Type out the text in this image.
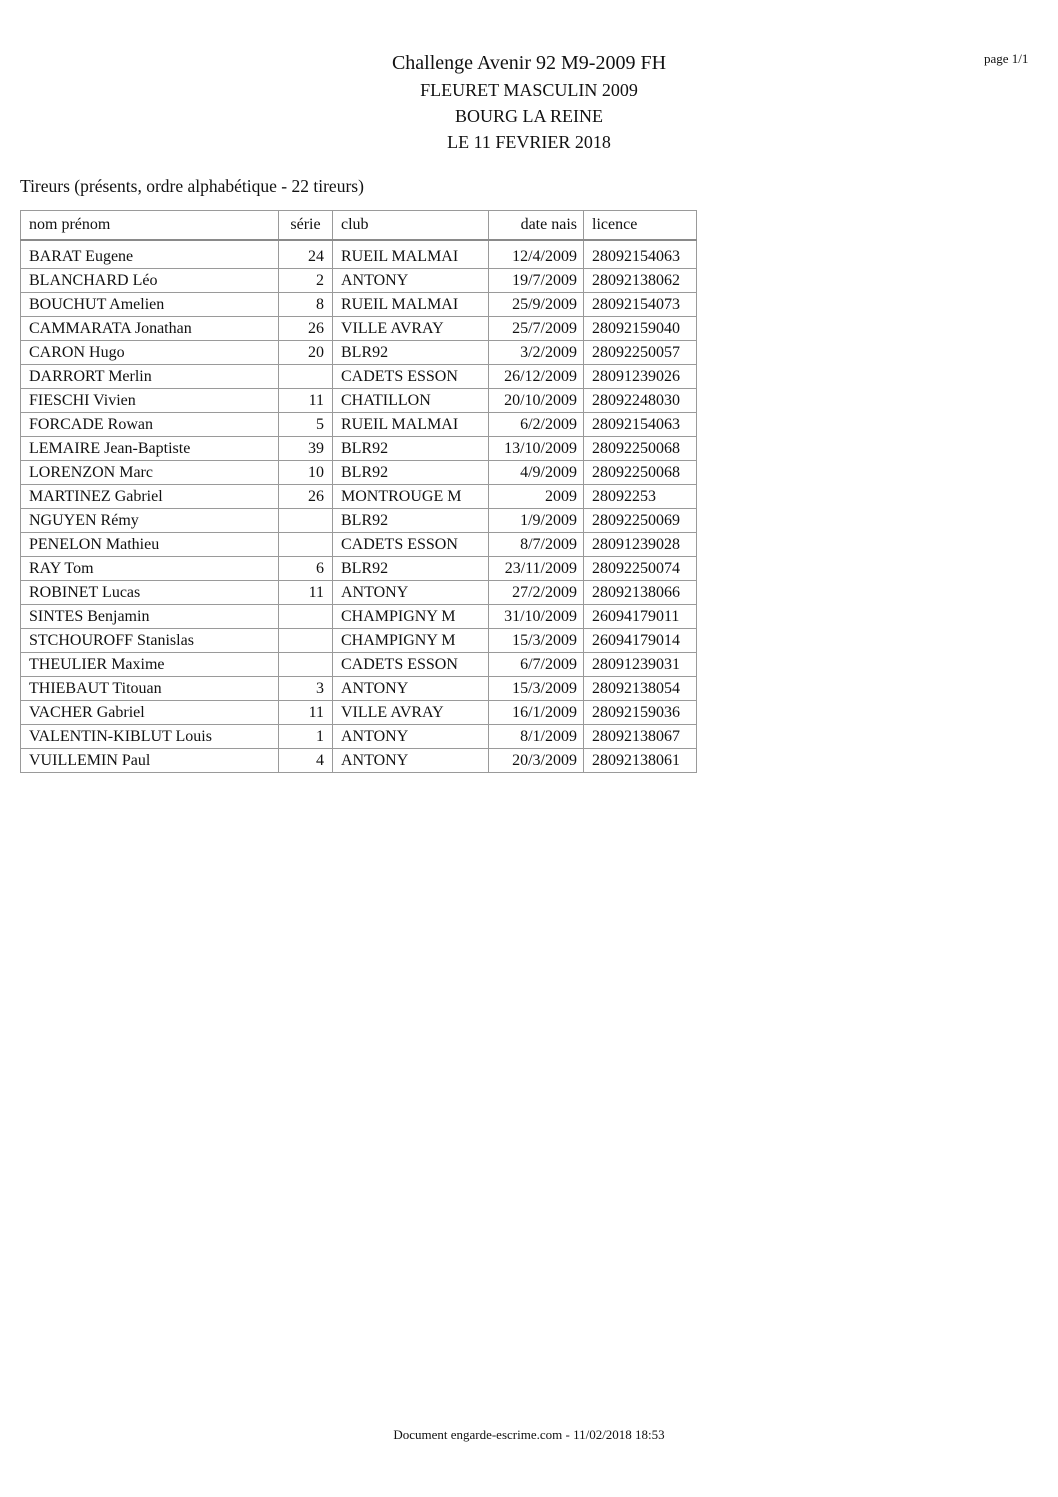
page 1/1
Challenge Avenir 92 M9-2009 FH
FLEURET MASCULIN 2009
BOURG LA REINE
LE 11 FEVRIER 2018
Tireurs (présents, ordre alphabétique - 22 tireurs)
nom prénom	série	club	date nais	licence
BARAT Eugene	24	RUEIL MALMAI	12/4/2009	28092154063
BLANCHARD Léo	2	ANTONY	19/7/2009	28092138062
BOUCHUT Amelien	8	RUEIL MALMAI	25/9/2009	28092154073
CAMMARATA Jonathan	26	VILLE AVRAY	25/7/2009	28092159040
CARON Hugo	20	BLR92	3/2/2009	28092250057
DARRORT Merlin		CADETS ESSON	26/12/2009	28091239026
FIESCHI Vivien	11	CHATILLON	20/10/2009	28092248030
FORCADE Rowan	5	RUEIL MALMAI	6/2/2009	28092154063
LEMAIRE Jean-Baptiste	39	BLR92	13/10/2009	28092250068
LORENZON Marc	10	BLR92	4/9/2009	28092250068
MARTINEZ Gabriel	26	MONTROUGE M	2009	28092253
NGUYEN Rémy		BLR92	1/9/2009	28092250069
PENELON Mathieu		CADETS ESSON	8/7/2009	28091239028
RAY Tom	6	BLR92	23/11/2009	28092250074
ROBINET Lucas	11	ANTONY	27/2/2009	28092138066
SINTES Benjamin		CHAMPIGNY M	31/10/2009	26094179011
STCHOUROFF Stanislas		CHAMPIGNY M	15/3/2009	26094179014
THEULIER Maxime		CADETS ESSON	6/7/2009	28091239031
THIEBAUT Titouan	3	ANTONY	15/3/2009	28092138054
VACHER Gabriel	11	VILLE AVRAY	16/1/2009	28092159036
VALENTIN-KIBLUT Louis	1	ANTONY	8/1/2009	28092138067
VUILLEMIN Paul	4	ANTONY	20/3/2009	28092138061
Document engarde-escrime.com - 11/02/2018 18:53
